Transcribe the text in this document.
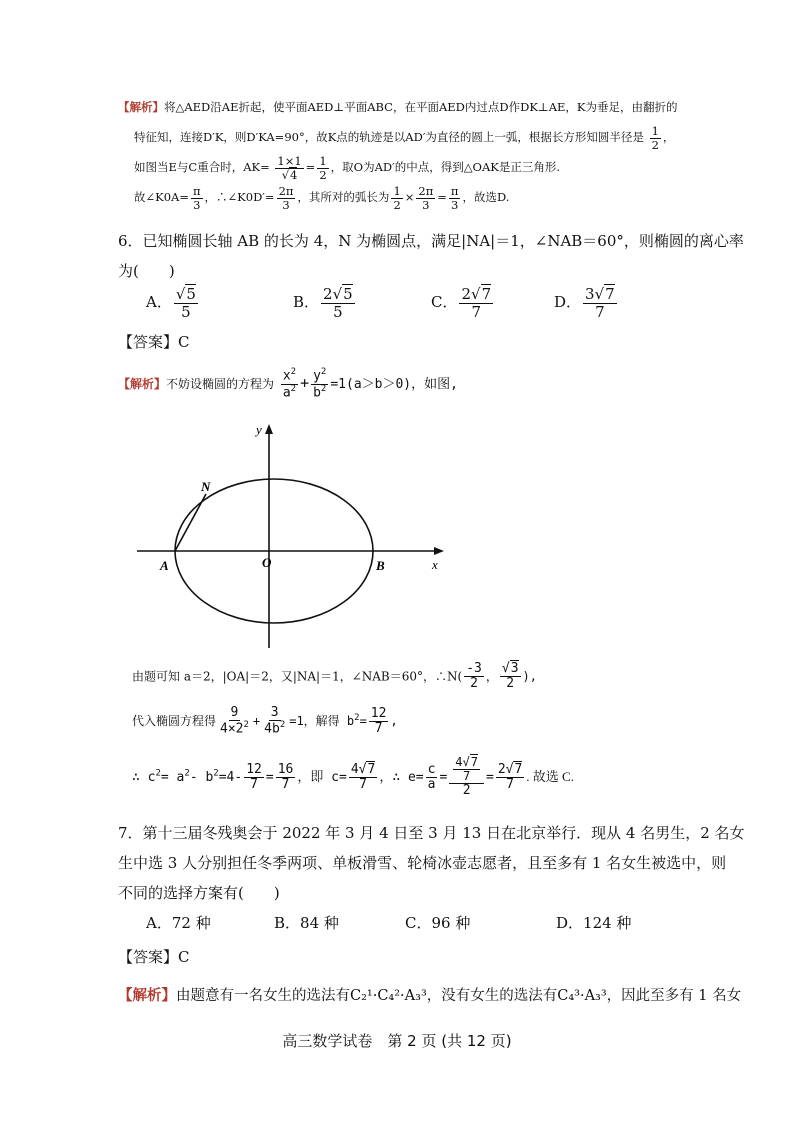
【解析】将△AED沿AE折起，使平面AED⊥平面ABC，在平面AED内过点D作DK⊥AE，K为垂足，由翻折的
特征知，连接D′K，则D′KA=90°，故K点的轨迹是以AD′为直径的圆上一弧，根据长方形知圆半径是 $\frac{1}{2}$ ，
如图当E与C重合时，$AK= \frac{1\times 1}{√4} = \frac{1}{2}$ ，取O为AD′的中点，得到△OAK是正三角形.
故∠K0A= $\frac{\pi}{3}$ ，∴∠K0D′= $\frac{2\pi}{3}$ ，其所对的弧长为 $\frac{1}{2} \times \frac{2\pi}{3} = \frac{\pi}{3}$ ，故选D.
6．已知椭圆长轴 AB 的长为 4，N 为椭圆点，满足|NA|＝1，∠NAB＝60°，则椭圆的离心率
为(　　)
A． $\frac{√5}{5}$	B． $\frac{2√5}{5}$	C． $\frac{2√7}{7}$	D． $\frac{3√7}{7}$
【答案】C
【解析】不妨设椭圆的方程为 $\frac{x^2}{a^2} + \frac{y^2}{b^2} =1(a>b>0)$，如图,
y
x
N
A	O	B
由题可知 a＝2，|OA|＝2，又|NA|＝1，∠NAB＝60°，∴N( $\frac{-3}{2}$ ， $\frac{√3}{2}$ ),
代入椭圆方程得 $\frac{9}{4\times 2^2} + \frac{3}{4b^2} =1$，解得 $b^2= \frac{12}{7}$ ,
∴ $c^2= a^2-$ $b^2=4- \frac{12}{7} = \frac{16}{7}$ ，即 $c= \frac{4√7}{7}$ ，∴ $e= \frac{c}{a} = \frac{\frac{4√7}{7}}{2} = \frac{2√7}{7}$ . 故选 C.
7．第十三届冬残奥会于 2022 年 3 月 4 日至 3 月 13 日在北京举行．现从 4 名男生，2 名女
生中选 3 人分别担任冬季两项、单板滑雪、轮椅冰壶志愿者，且至多有 1 名女生被选中，则
不同的选择方案有(　　)
A．72 种	B．84 种	C．96 种	D．124 种
【答案】C
【解析】由题意有一名女生的选法有C₂¹·C₄²·A₃³，没有女生的选法有C₄³·A₃³，因此至多有 1 名女
高三数学试卷　第 2 页 (共 12 页)
